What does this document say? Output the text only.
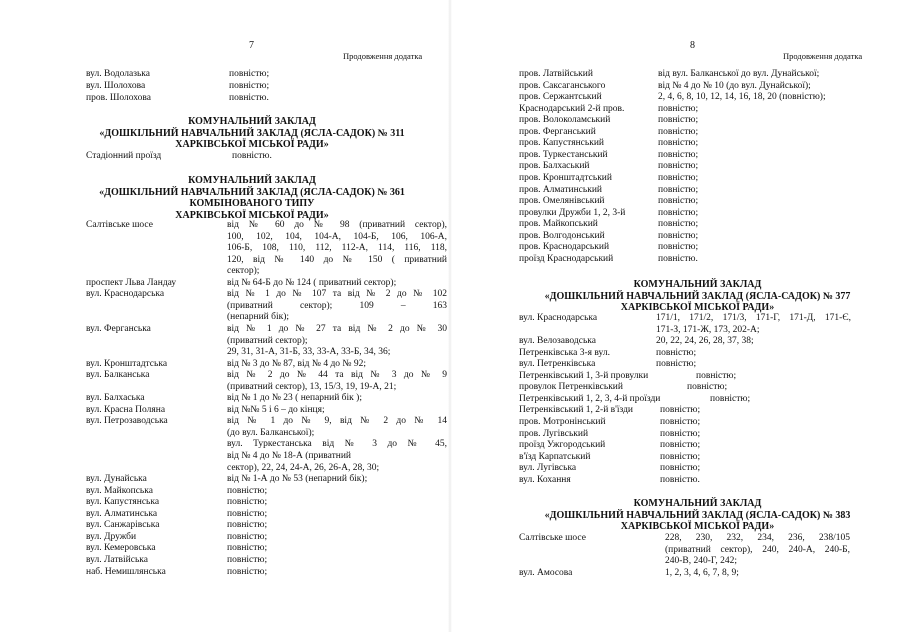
7
Продовження додатка
вул. Водолазька	повністю;
вул. Шолохова	повністю;
пров. Шолохова	повністю.
КОМУНАЛЬНИЙ ЗАКЛАД
«ДОШКІЛЬНИЙ НАВЧАЛЬНИЙ ЗАКЛАД (ЯСЛА-САДОК) № 311
ХАРКІВСЬКОЇ МІСЬКОЇ РАДИ»
Стадіонний проїзд	повністю.
КОМУНАЛЬНИЙ ЗАКЛАД
«ДОШКІЛЬНИЙ НАВЧАЛЬНИЙ ЗАКЛАД (ЯСЛА-САДОК) № 361
КОМБІНОВАНОГО ТИПУ
ХАРКІВСЬКОЇ МІСЬКОЇ РАДИ»
Салтівське шосе	від № 60 до № 98 (приватний сектор),
100, 102, 104, 104-А, 104-Б, 106, 106-А,
106-Б, 108, 110, 112, 112-А, 114, 116, 118,
120, від № 140 до № 150 ( приватний
сектор);
проспект Льва Ландау	від № 64-Б до № 124 ( приватний сектор);
вул. Краснодарська	від № 1 до № 107 та від № 2 до № 102
(приватний сектор); 109 – 163
(непарний бік);
вул. Ферганська	від № 1 до № 27 та від № 2 до № 30
(приватний сектор);
29, 31, 31-А, 31-Б, 33, 33-А, 33-Б, 34, 36;
вул. Кронштадтська	від № 3 до № 87, від № 4 до № 92;
вул. Балканська	від № 2 до № 44 та від № 3 до № 9
(приватний сектор), 13, 15/3, 19, 19-А, 21;
вул. Балхаська	від № 1 до № 23 ( непарний бік );
вул. Красна Поляна	від №№ 5 і 6 – до кінця;
вул. Петрозаводська	від № 1 до № 9, від № 2 до № 14
(до вул. Балканської);
вул. Туркестанська від № 3 до № 45,
від № 4 до № 18-А (приватний
сектор), 22, 24, 24-А, 26, 26-А, 28, 30;
вул. Дунайська	від № 1-А до № 53 (непарний бік);
вул. Майкопська	повністю;
вул. Капустянська	повністю;
вул. Алматинська	повністю;
вул. Санжарівська	повністю;
вул. Дружби	повністю;
вул. Кемеровська	повністю;
вул. Латвійська	повністю;
наб. Немишлянська	повністю;
8
Продовження додатка
пров. Латвійський	від вул. Балканської до вул. Дунайської;
пров. Саксаганського	від № 4 до № 10 (до вул. Дунайської);
пров. Сержантський	2, 4, 6, 8, 10, 12, 14, 16, 18, 20 (повністю);
Краснодарський 2-й пров.	повністю;
пров. Волоколамський	повністю;
пров. Ферганський	повністю;
пров. Капустянський	повністю;
пров. Туркестанський	повністю;
пров. Балхаський	повністю;
пров. Кронштадтський	повністю;
пров. Алматинський	повністю;
пров. Омелянівський	повністю;
провулки Дружби 1, 2, 3-й	повністю;
пров. Майкопський	повністю;
пров. Волгодонський	повністю;
пров. Краснодарський	повністю;
проїзд Краснодарський	повністю.
КОМУНАЛЬНИЙ ЗАКЛАД
«ДОШКІЛЬНИЙ НАВЧАЛЬНИЙ ЗАКЛАД (ЯСЛА-САДОК) № 377
ХАРКІВСЬКОЇ МІСЬКОЇ РАДИ»
вул. Краснодарська	171/1, 171/2, 171/3, 171-Г, 171-Д, 171-Є,
171-З, 171-Ж, 173, 202-А;
вул. Велозаводська	20, 22, 24, 26, 28, 37, 38;
Петренківська 3-я вул.	повністю;
вул. Петренківська	повністю;
Петренківський 1, 3-й провулки	повністю;
провулок Петренківський	повністю;
Петренківський 1, 2, 3, 4-й проїзди	повністю;
Петренківський 1, 2-й в'їзди	повністю;
пров. Мотронінський	повністю;
пров. Лугівський	повністю;
проїзд Ужгородський	повністю;
в'їзд Карпатський	повністю;
вул. Лугівська	повністю;
вул. Кохання	повністю.
КОМУНАЛЬНИЙ ЗАКЛАД
«ДОШКІЛЬНИЙ НАВЧАЛЬНИЙ ЗАКЛАД (ЯСЛА-САДОК) № 383
ХАРКІВСЬКОЇ МІСЬКОЇ РАДИ»
Салтівське шосе	228, 230, 232, 234, 236, 238/105
(приватний сектор), 240, 240-А, 240-Б,
240-В, 240-Г, 242;
вул. Амосова	1, 2, 3, 4, 6, 7, 8, 9;
